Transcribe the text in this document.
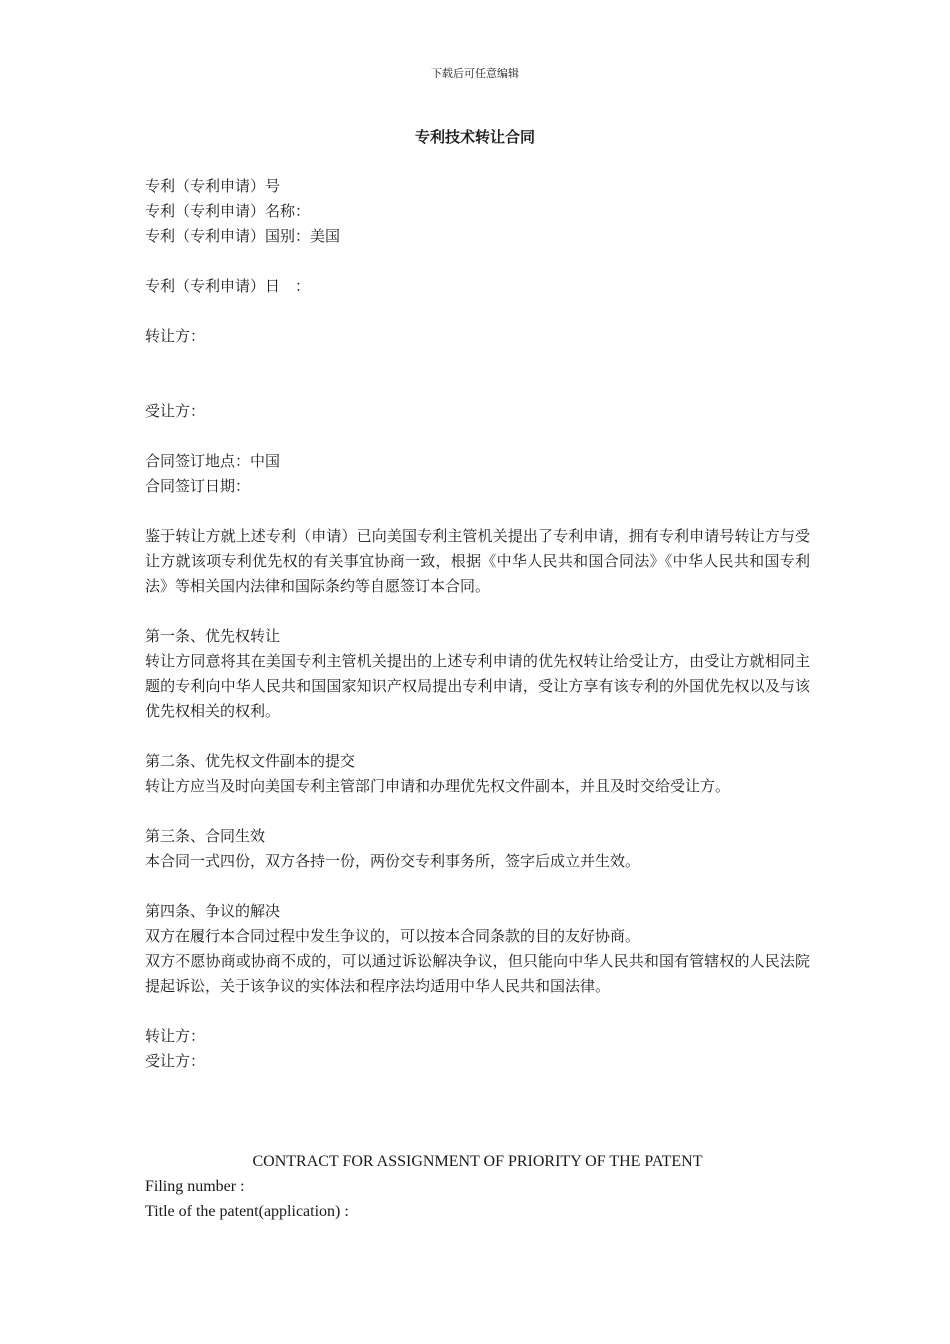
下载后可任意编辑
专利技术转让合同
专利（专利申请）号
专利（专利申请）名称：
专利（专利申请）国别：美国
专利（专利申请）日　：
转让方：
受让方：
合同签订地点：中国
合同签订日期：
鉴于转让方就上述专利（申请）已向美国专利主管机关提出了专利申请，拥有专利申请号转让方与受让方就该项专利优先权的有关事宜协商一致，根据《中华人民共和国合同法》《中华人民共和国专利法》等相关国内法律和国际条约等自愿签订本合同。
第一条、优先权转让
转让方同意将其在美国专利主管机关提出的上述专利申请的优先权转让给受让方，由受让方就相同主题的专利向中华人民共和国国家知识产权局提出专利申请，受让方享有该专利的外国优先权以及与该优先权相关的权利。
第二条、优先权文件副本的提交
转让方应当及时向美国专利主管部门申请和办理优先权文件副本，并且及时交给受让方。
第三条、合同生效
本合同一式四份，双方各持一份，两份交专利事务所，签字后成立并生效。
第四条、争议的解决
双方在履行本合同过程中发生争议的，可以按本合同条款的目的友好协商。
双方不愿协商或协商不成的，可以通过诉讼解决争议，但只能向中华人民共和国有管辖权的人民法院提起诉讼，关于该争议的实体法和程序法均适用中华人民共和国法律。
转让方：
受让方：
CONTRACT FOR ASSIGNMENT OF PRIORITY OF THE PATENT
Filing number :
Title of the patent(application) :
